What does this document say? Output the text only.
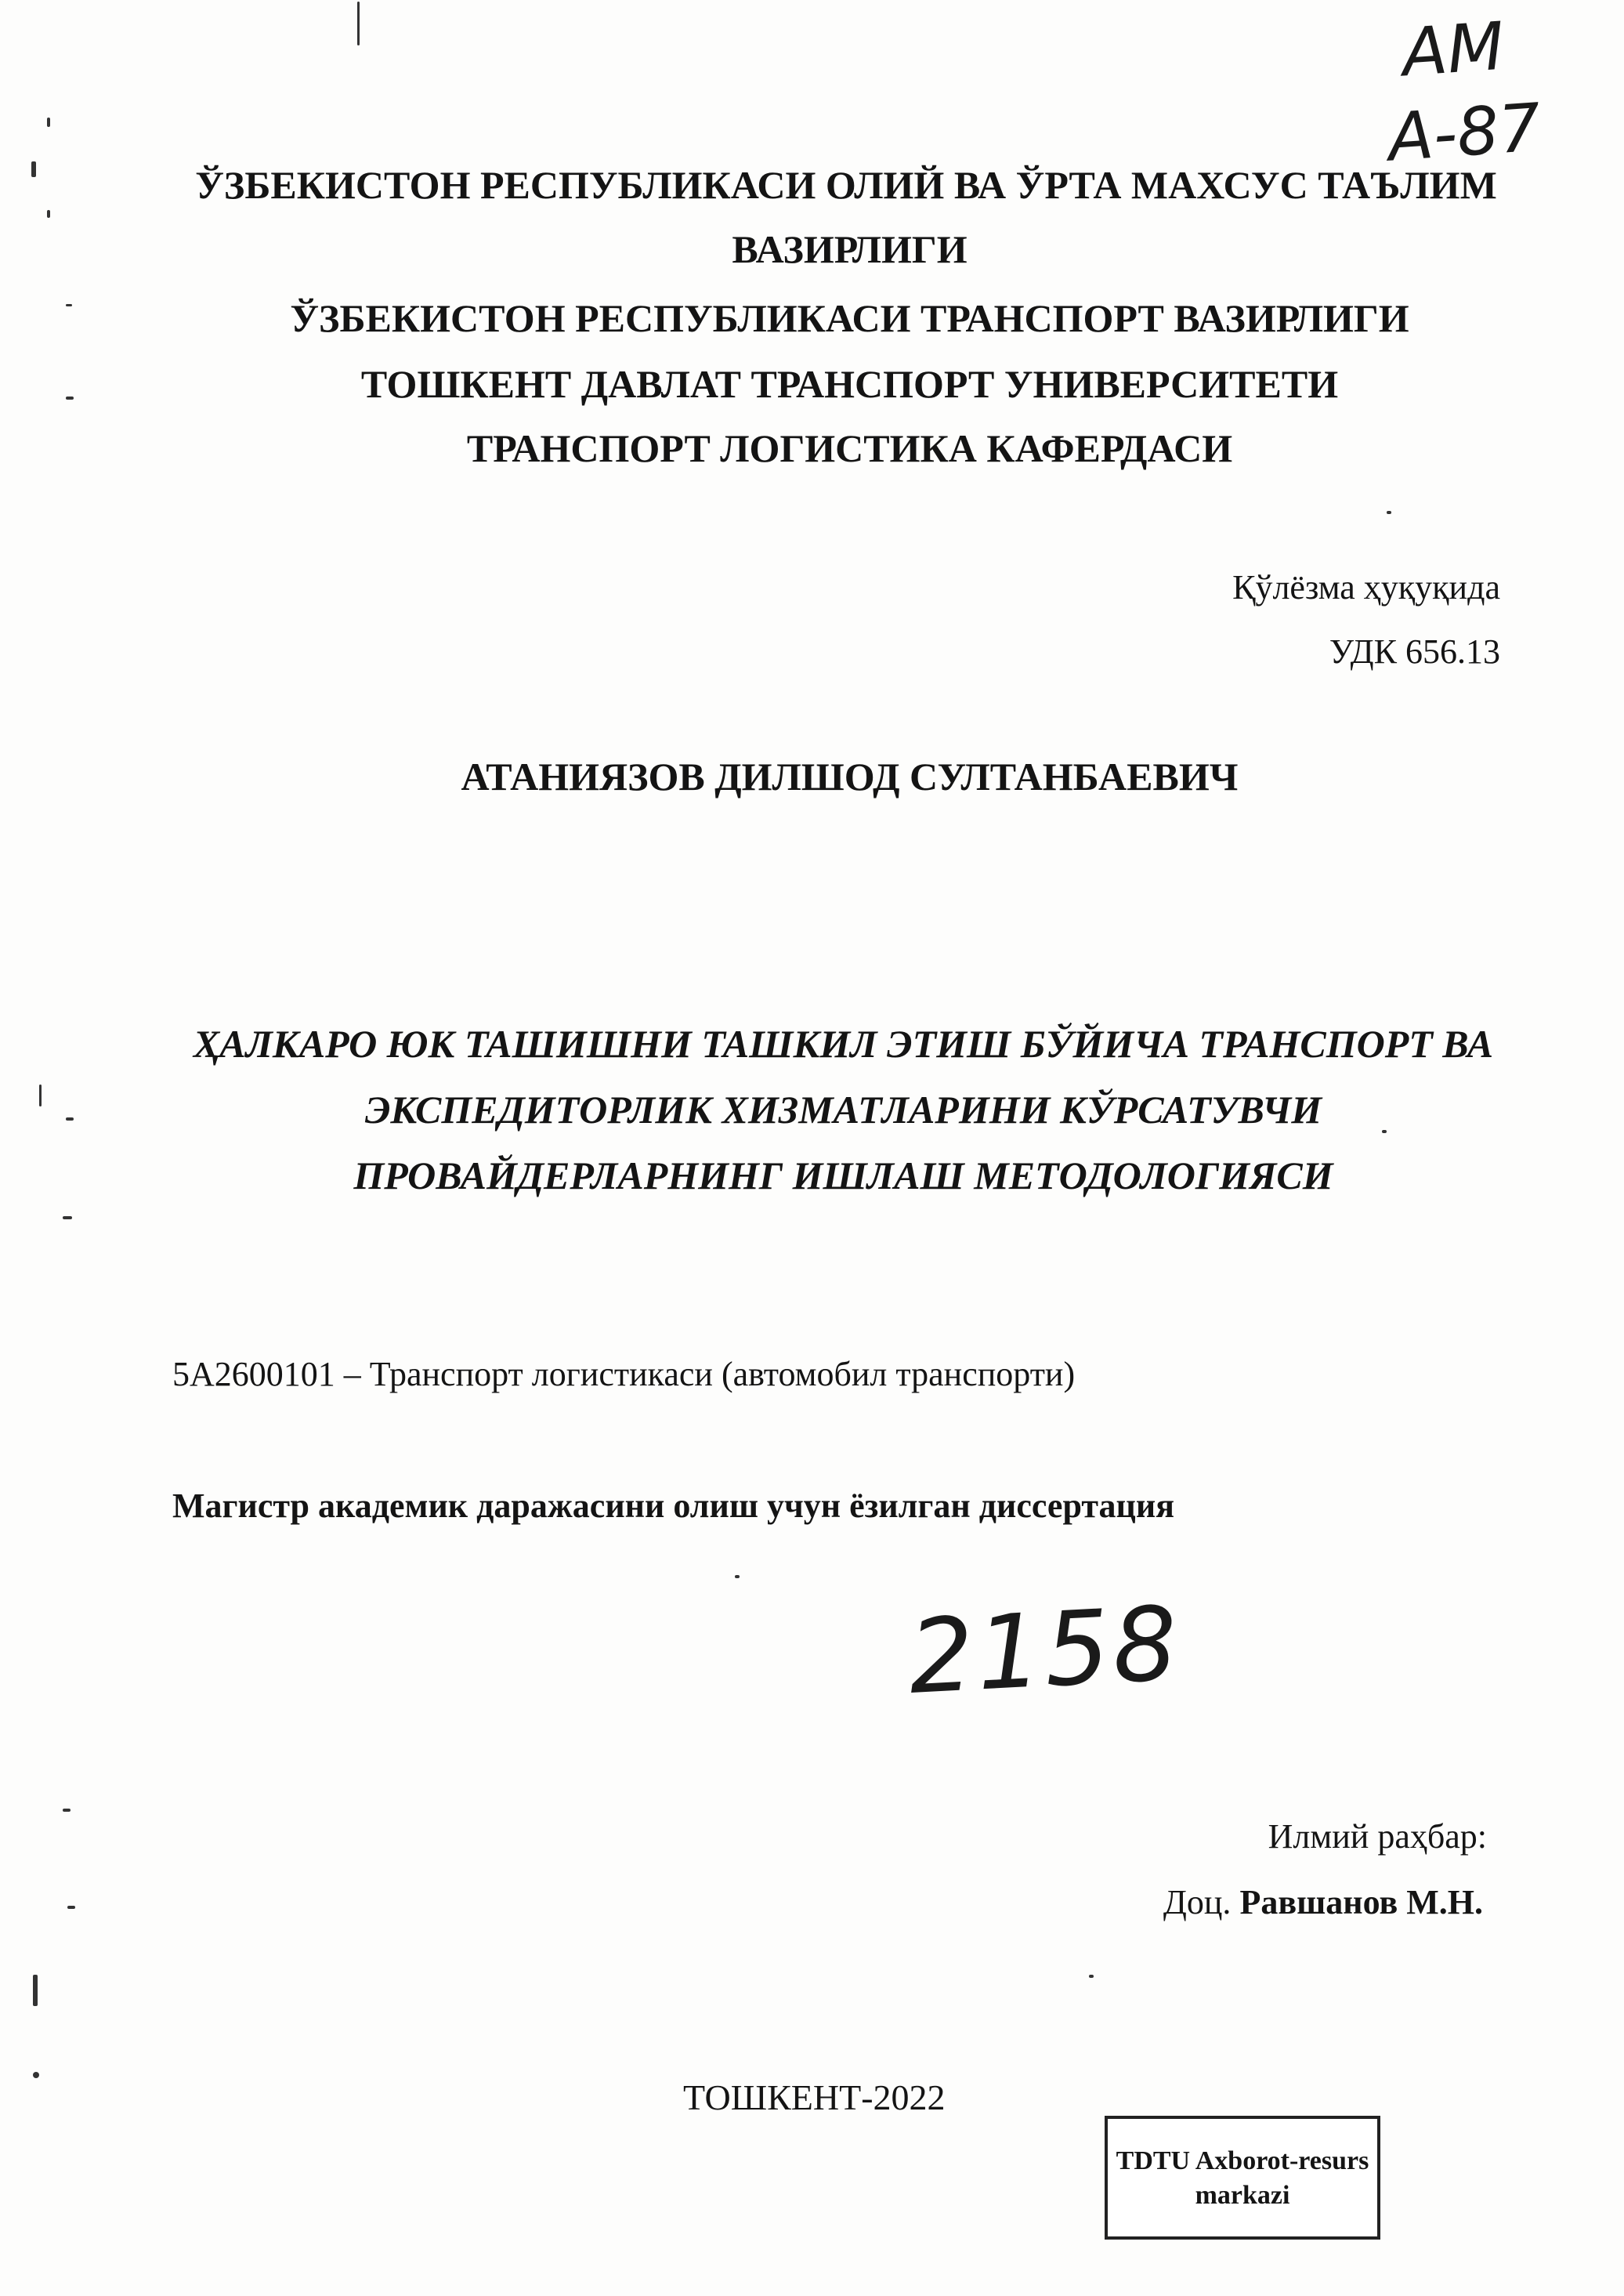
АМ
А-87
ЎЗБЕКИСТОН РЕСПУБЛИКАСИ ОЛИЙ ВА ЎРТА МАХСУС ТАЪЛИМ
ВАЗИРЛИГИ
ЎЗБЕКИСТОН РЕСПУБЛИКАСИ ТРАНСПОРТ ВАЗИРЛИГИ
ТОШКЕНТ ДАВЛАТ ТРАНСПОРТ УНИВЕРСИТЕТИ
ТРАНСПОРТ ЛОГИСТИКА КАФЕРДАСИ
Қўлёзма ҳуқуқида
УДК 656.13
АТАНИЯЗОВ ДИЛШОД СУЛТАНБАЕВИЧ
ҲАЛКАРО ЮК ТАШИШНИ ТАШКИЛ ЭТИШ БЎЙИЧА ТРАНСПОРТ ВА
ЭКСПЕДИТОРЛИК ХИЗМАТЛАРИНИ КЎРСАТУВЧИ
ПРОВАЙДЕРЛАРНИНГ ИШЛАШ МЕТОДОЛОГИЯСИ
5A2600101 – Транспорт логистикаси (автомобил транспорти)
Магистр академик даражасини олиш учун ёзилган диссертация
2158
Илмий раҳбар:
Доц. Равшанов М.Н.
ТОШКЕНТ-2022
TDTU Axborot-resurs
markazi
